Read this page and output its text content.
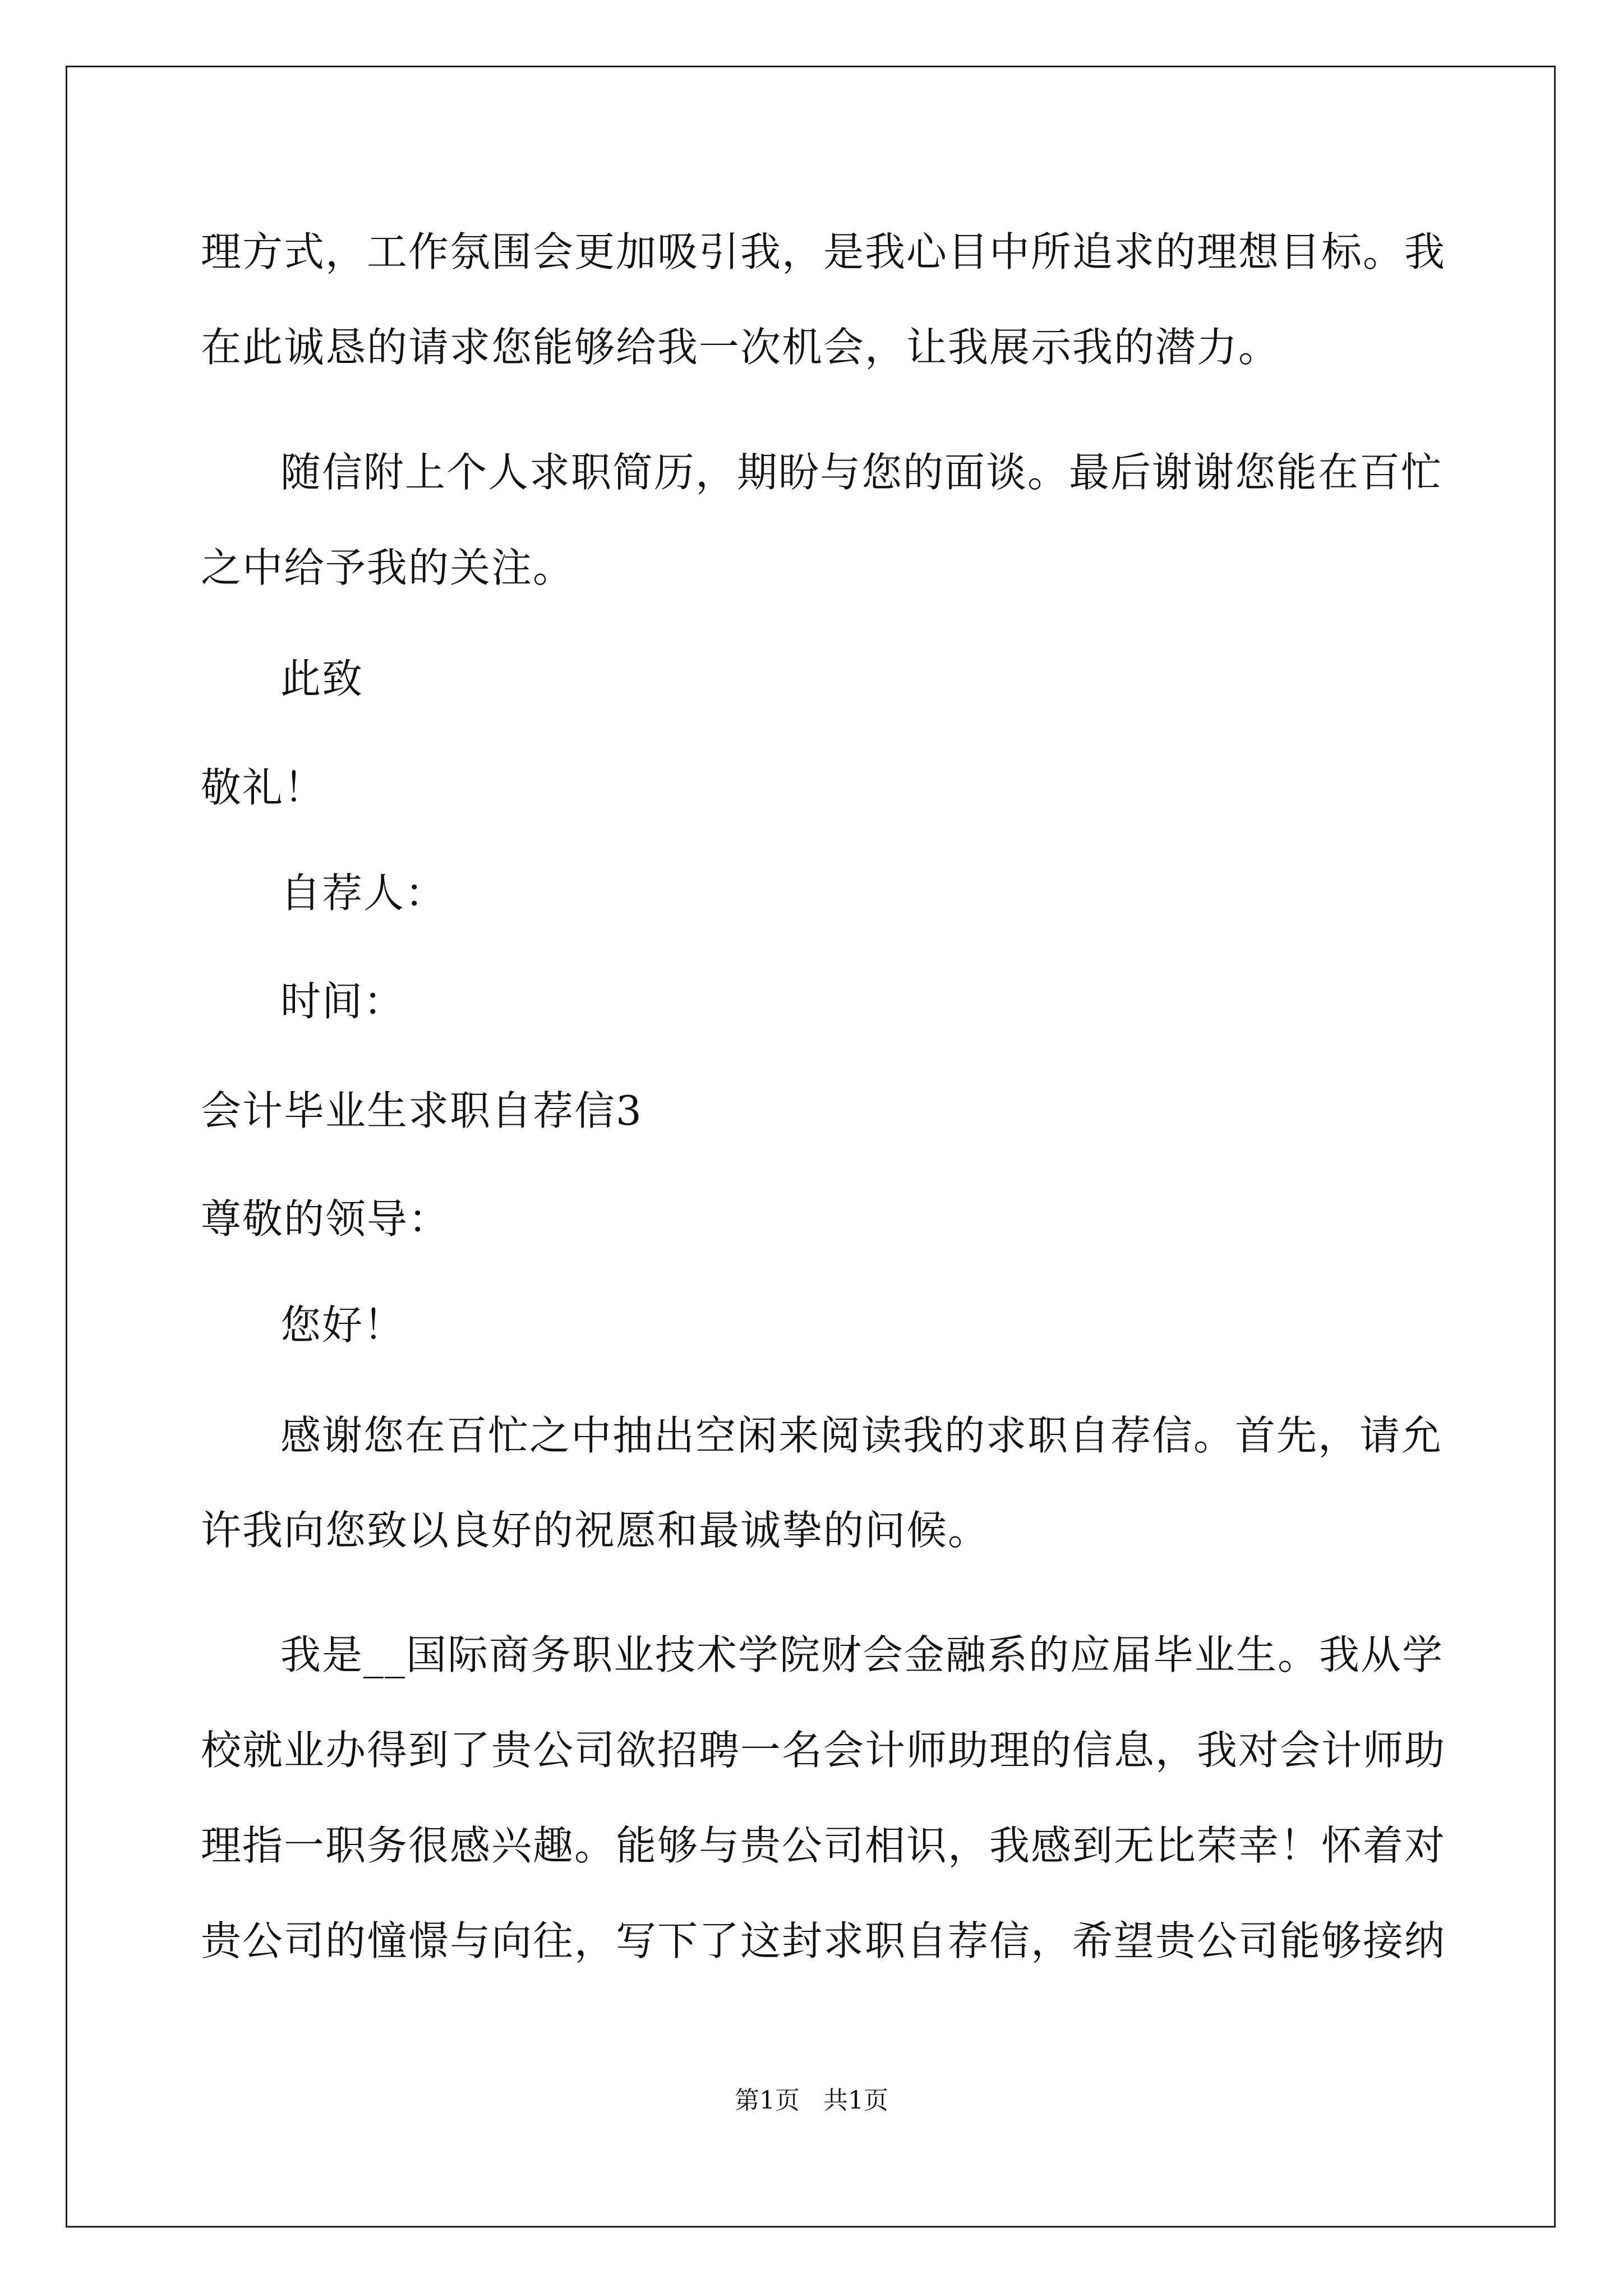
理方式，工作氛围会更加吸引我，是我心目中所追求的理想目标。我
在此诚恳的请求您能够给我一次机会，让我展示我的潜力。
随信附上个人求职简历，期盼与您的面谈。最后谢谢您能在百忙
之中给予我的关注。
此致
敬礼！
自荐人：
时间：
会计毕业生求职自荐信3
尊敬的领导：
您好！
感谢您在百忙之中抽出空闲来阅读我的求职自荐信。首先，请允
许我向您致以良好的祝愿和最诚挚的问候。
我是__国际商务职业技术学院财会金融系的应届毕业生。我从学
校就业办得到了贵公司欲招聘一名会计师助理的信息，我对会计师助
理指一职务很感兴趣。能够与贵公司相识，我感到无比荣幸！怀着对
贵公司的憧憬与向往，写下了这封求职自荐信，希望贵公司能够接纳
第1页   共1页
